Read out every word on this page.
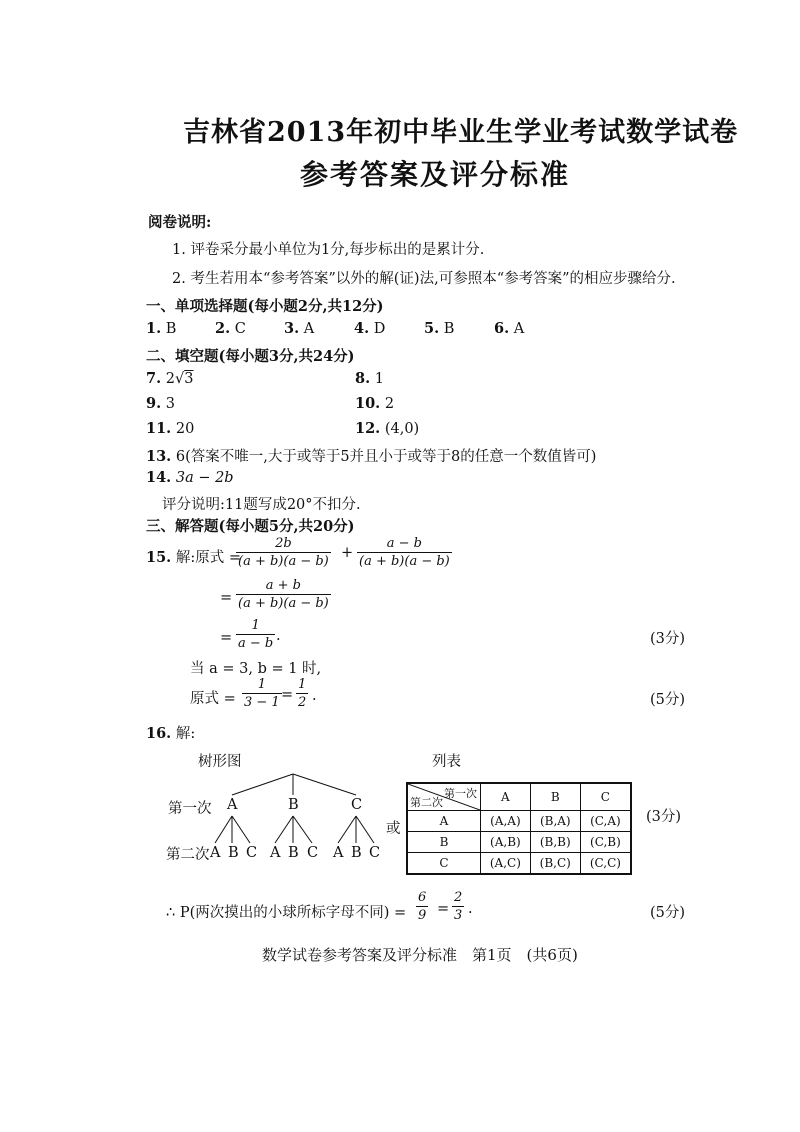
吉林省2013年初中毕业生学业考试数学试卷
参考答案及评分标准
阅卷说明:
1. 评卷采分最小单位为1分,每步标出的是累计分.
2. 考生若用本“参考答案”以外的解(证)法,可参照本“参考答案”的相应步骤给分.
一、单项选择题(每小题2分,共12分)
1. B	2. C	3. A	4. D	5. B	6. A
二、填空题(每小题3分,共24分)
7. 2√3	8. 1
9. 3	10. 2
11. 20	12. (4,0)
13. 6(答案不唯一,大于或等于5并且小于或等于8的任意一个数值皆可)
14. 3a − 2b
评分说明:11题写成20°不扣分.
三、解答题(每小题5分,共20分)
15. 解:原式 =
$\frac{2b}{(a + b)(a - b)} + \frac{a - b}{(a + b)(a - b)}$
= $\frac{a + b}{(a + b)(a - b)}$
= $\frac{1}{a - b}$ .	(3分)
当 a = 3, b = 1 时,
原式 = $\frac{1}{3 - 1} = \frac{1}{2}$ .	(5分)
16. 解:
树形图	列表
第一次 A	B	C
第二次 A B C A B C A B C
或
第一次
第二次	A	B	C
A	(A,A)	(B,A)	(C,A)
B	(A,B)	(B,B)	(C,B)
C	(A,C)	(B,C)	(C,C)
(3分)
∴ P(两次摸出的小球所标字母不同) = $\frac{6}{9} = \frac{2}{3}$ .	(5分)
数学试卷参考答案及评分标准　第1页　(共6页)
